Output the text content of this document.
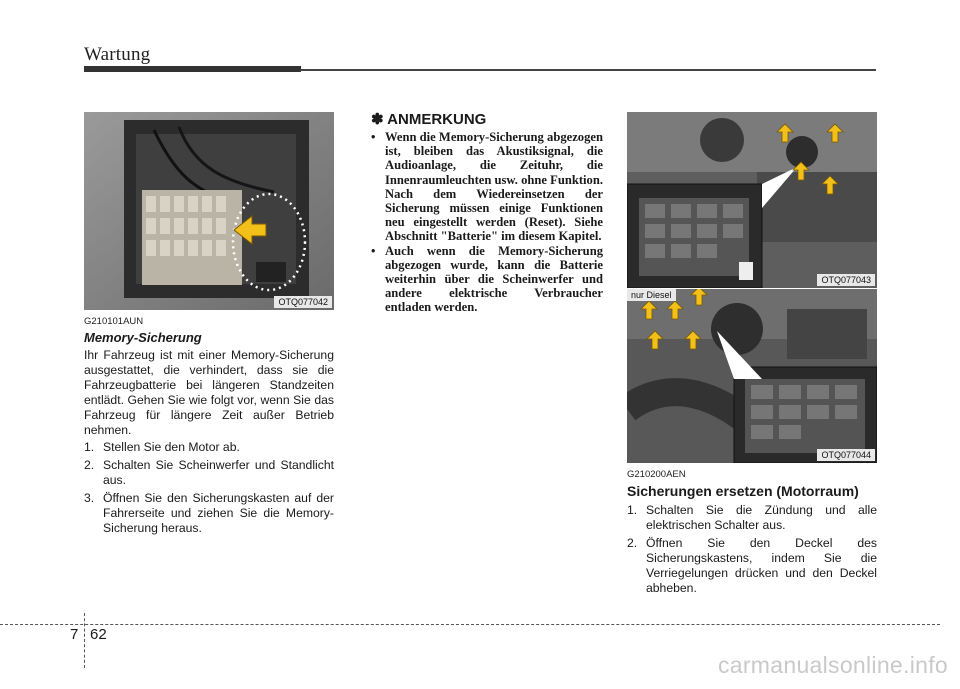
Wartung
OTQ077042
G210101AUN
Memory-Sicherung

Ihr Fahrzeug ist mit einer Memory-Sicherung ausgestattet, die verhindert, dass sie die Fahrzeugbatterie bei längeren Standzeiten entlädt. Gehen Sie wie folgt vor, wenn Sie das Fahrzeug für längere Zeit außer Betrieb nehmen.

1. Stellen Sie den Motor ab.
2. Schalten Sie Scheinwerfer und Standlicht aus.
3. Öffnen Sie den Sicherungskasten auf der Fahrerseite und ziehen Sie die Memory-Sicherung heraus.
✽ ANMERKUNG
• Wenn die Memory-Sicherung abgezogen ist, bleiben das Akustiksignal, die Audioanlage, die Zeituhr, die Innenraumleuchten usw. ohne Funktion. Nach dem Wiedereinsetzen der Sicherung müssen einige Funktionen neu eingestellt werden (Reset). Siehe Abschnitt "Batterie" im diesem Kapitel.
• Auch wenn die Memory-Sicherung abgezogen wurde, kann die Batterie weiterhin über die Scheinwerfer und andere elektrische Verbraucher entladen werden.
OTQ077043
nur Diesel
OTQ077044
G210200AEN
Sicherungen ersetzen (Motorraum)
1. Schalten Sie die Zündung und alle elektrischen Schalter aus.
2. Öffnen Sie den Deckel des Sicherungskastens, indem Sie die Verriegelungen drücken und den Deckel abheben.
7 62
carmanualsonline.info
